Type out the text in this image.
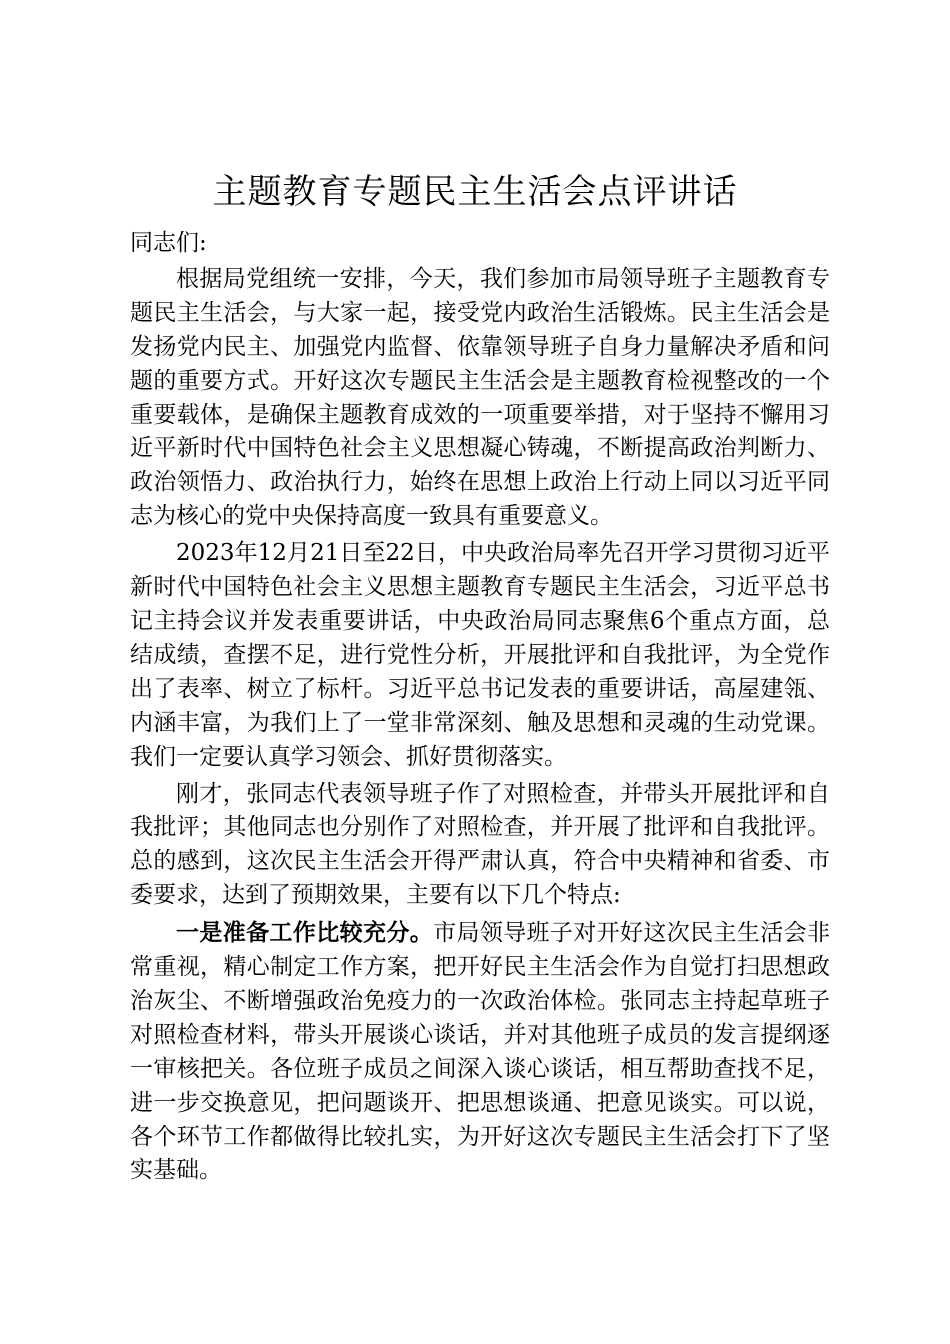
主题教育专题民主生活会点评讲话

同志们:

根据局党组统一安排，今天，我们参加市局领导班子主题教育专题民主生活会，与大家一起，接受党内政治生活锻炼。民主生活会是发扬党内民主、加强党内监督、依靠领导班子自身力量解决矛盾和问题的重要方式。开好这次专题民主生活会是主题教育检视整改的一个重要载体，是确保主题教育成效的一项重要举措，对于坚持不懈用习近平新时代中国特色社会主义思想凝心铸魂，不断提高政治判断力、政治领悟力、政治执行力，始终在思想上政治上行动上同以习近平同志为核心的党中央保持高度一致具有重要意义。

2023年12月21日至22日，中央政治局率先召开学习贯彻习近平新时代中国特色社会主义思想主题教育专题民主生活会，习近平总书记主持会议并发表重要讲话，中央政治局同志聚焦6个重点方面，总结成绩，查摆不足，进行党性分析，开展批评和自我批评，为全党作出了表率、树立了标杆。习近平总书记发表的重要讲话，高屋建瓴、内涵丰富，为我们上了一堂非常深刻、触及思想和灵魂的生动党课。我们一定要认真学习领会、抓好贯彻落实。

刚才，张同志代表领导班子作了对照检查，并带头开展批评和自我批评；其他同志也分别作了对照检查，并开展了批评和自我批评。总的感到，这次民主生活会开得严肃认真，符合中央精神和省委、市委要求，达到了预期效果，主要有以下几个特点:

一是准备工作比较充分。市局领导班子对开好这次民主生活会非常重视，精心制定工作方案，把开好民主生活会作为自觉打扫思想政治灰尘、不断增强政治免疫力的一次政治体检。张同志主持起草班子对照检查材料，带头开展谈心谈话，并对其他班子成员的发言提纲逐一审核把关。各位班子成员之间深入谈心谈话，相互帮助查找不足，进一步交换意见，把问题谈开、把思想谈通、把意见谈实。可以说，各个环节工作都做得比较扎实，为开好这次专题民主生活会打下了坚实基础。
